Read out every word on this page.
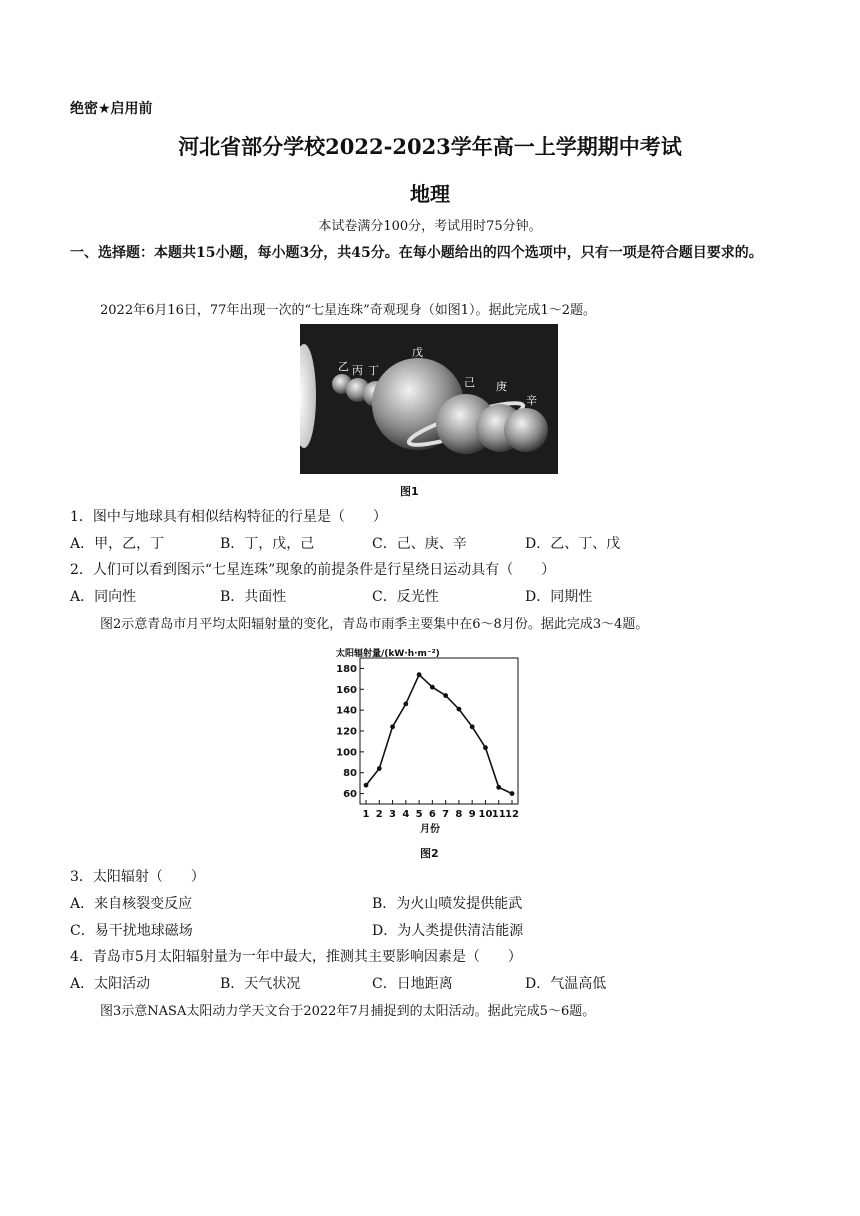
绝密★启用前
河北省部分学校2022-2023学年高一上学期期中考试
地理
本试卷满分100分，考试用时75分钟。
一、选择题：本题共15小题，每小题3分，共45分。在每小题给出的四个选项中，只有一项是符合题目要求的。
2022年6月16日，77年出现一次的“七星连珠”奇观现身（如图1）。据此完成1～2题。
乙 丙 丁
戊
己 庚
辛
图1
1．图中与地球具有相似结构特征的行星是（　　）
A．甲，乙，丁	B．丁，戊，己	C．己、庚、辛	D．乙、丁、戊
2．人们可以看到图示“七星连珠”现象的前提条件是行星绕日运动具有（　　）
A．同向性	B．共面性	C．反光性	D．同期性
图2示意青岛市月平均太阳辐射量的变化，青岛市雨季主要集中在6～8月份。据此完成3～4题。
太阳辐射量/(kW·h·m⁻²)
60
80
100
120
140
160
180
1 2 3 4 5 6 7 8 9 10 11 12
月份
图2
3．太阳辐射（　　）
A．来自核裂变反应	B．为火山喷发提供能武
C．易干扰地球磁场	D．为人类提供清洁能源
4．青岛市5月太阳辐射量为一年中最大，推测其主要影响因素是（　　）
A．太阳活动	B．天气状况	C．日地距离	D．气温高低
图3示意NASA太阳动力学天文台于2022年7月捕捉到的太阳活动。据此完成5～6题。
